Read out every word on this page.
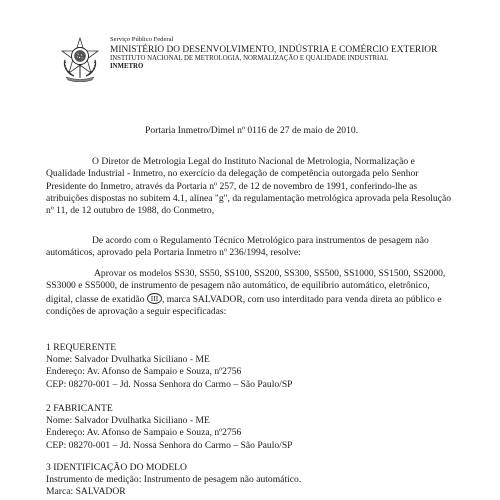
Serviço Público Federal
MINISTÉRIO DO DESENVOLVIMENTO, INDÚSTRIA E COMÉRCIO EXTERIOR
INSTITUTO NACIONAL DE METROLOGIA, NORMALIZAÇÃO E QUALIDADE INDUSTRIAL
INMETRO
Portaria Inmetro/Dimel nº 0116 de 27 de maio de 2010.
O Diretor de Metrologia Legal do Instituto Nacional de Metrologia, Normalização e
Qualidade Industrial - Inmetro, no exercício da delegação de competência outorgada pelo Senhor
Presidente do Inmetro, através da Portaria nº 257, de 12 de novembro de 1991, conferindo-lhe as
atribuições dispostas no subitem 4.1, alínea "g", da regulamentação metrológica aprovada pela Resolução
nº 11, de 12 outubro de 1988, do Conmetro,
De acordo com o Regulamento Técnico Metrológico para instrumentos de pesagem não
automáticos, aprovado pela Portaria Inmetro nº 236/1994, resolve:
Aprovar os modelos SS30, SS50, SS100, SS200, SS300, SS500, SS1000, SS1500, SS2000,
SS3000 e SS5000, de instrumento de pesagem não automático, de equilíbrio automático, eletrônico,
digital, classe de exatidão III , marca SALVADOR, com uso interditado para venda direta ao público e
condições de aprovação a seguir especificadas:
1 REQUERENTE
Nome: Salvador Dvulhatka Siciliano - ME
Endereço: Av. Afonso de Sampaio e Souza, nº2756
CEP: 08270-001 – Jd. Nossa Senhora do Carmo – São Paulo/SP
2 FABRICANTE
Nome: Salvador Dvulhatka Siciliano - ME
Endereço: Av. Afonso de Sampaio e Souza, nº2756
CEP: 08270-001 – Jd. Nossa Senhora do Carmo – São Paulo/SP
3 IDENTIFICAÇÃO DO MODELO
Instrumento de medição: Instrumento de pesagem não automático.
Marca: SALVADOR
